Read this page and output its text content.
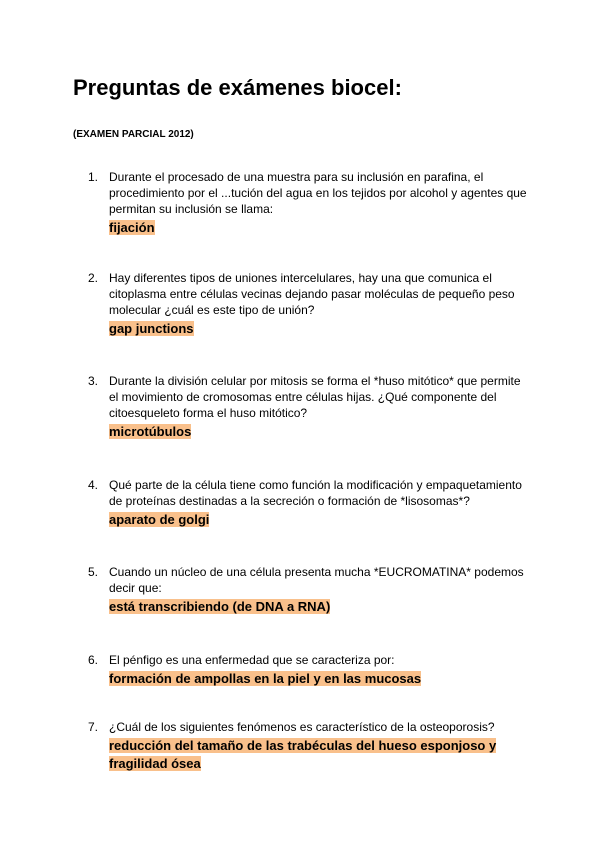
Preguntas de exámenes biocel:
(EXAMEN PARCIAL 2012)
1. Durante el procesado de una muestra para su inclusión en parafina, el procedimiento por el ...tución del agua en los tejidos por alcohol y agentes que permitan su inclusión se llama:
fijación
2. Hay diferentes tipos de uniones intercelulares, hay una que comunica el citoplasma entre células vecinas dejando pasar moléculas de pequeño peso molecular ¿cuál es este tipo de unión?
gap junctions
3. Durante la división celular por mitosis se forma el *huso mitótico* que permite el movimiento de cromosomas entre células hijas. ¿Qué componente del citoesqueleto forma el huso mitótico?
microtúbulos
4. Qué parte de la célula tiene como función la modificación y empaquetamiento de proteínas destinadas a la secreción o formación de *lisosomas*?
aparato de golgi
5. Cuando un núcleo de una célula presenta mucha *EUCROMATINA* podemos decir que:
está transcribiendo (de DNA a RNA)
6. El pénfigo es una enfermedad que se caracteriza por:
formación de ampollas en la piel y en las mucosas
7. ¿Cuál de los siguientes fenómenos es característico de la osteoporosis?
reducción del tamaño de las trabéculas del hueso esponjoso y fragilidad ósea
